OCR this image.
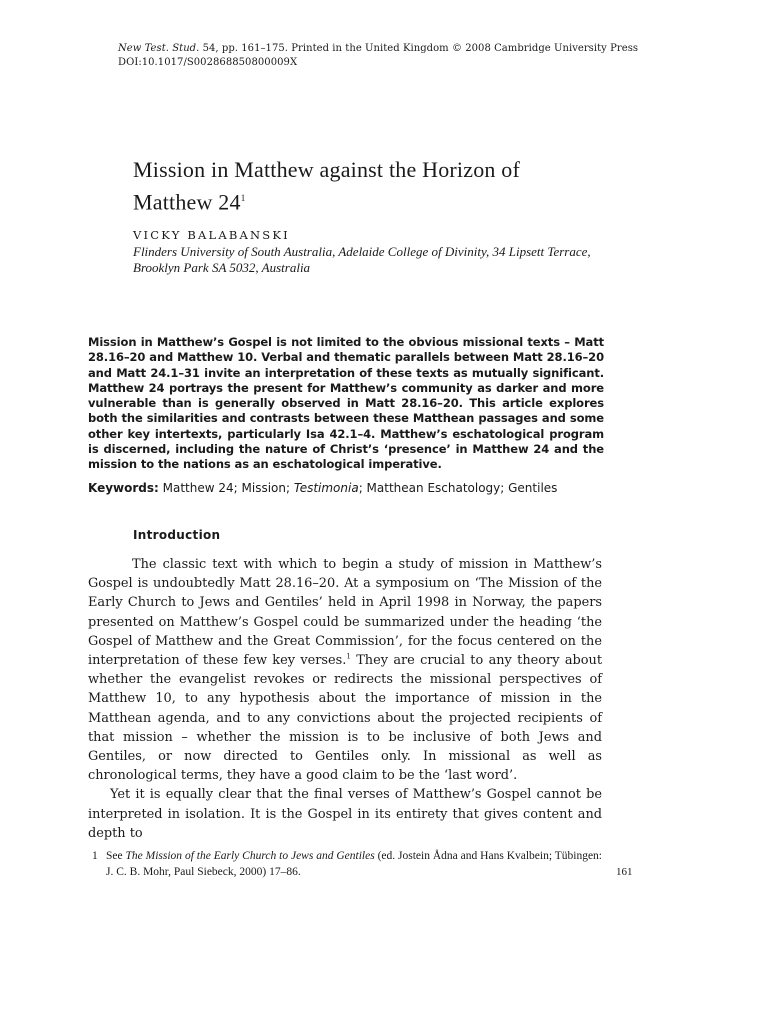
New Test. Stud. 54, pp. 161–175. Printed in the United Kingdom © 2008 Cambridge University Press
DOI:10.1017/S002868850800009X
Mission in Matthew against the Horizon of
Matthew $24^1$
VICKY BALABANSKI
Flinders University of South Australia, Adelaide College of Divinity, 34 Lipsett Terrace, Brooklyn Park SA 5032, Australia
Mission in Matthew’s Gospel is not limited to the obvious missional texts – Matt 28.16–20 and Matthew 10. Verbal and thematic parallels between Matt 28.16–20 and Matt 24.1–31 invite an interpretation of these texts as mutually significant. Matthew 24 portrays the present for Matthew’s community as darker and more vulnerable than is generally observed in Matt 28.16–20. This article explores both the similarities and contrasts between these Matthean passages and some other key intertexts, particularly Isa 42.1–4. Matthew’s eschatological program is discerned, including the nature of Christ’s ‘presence’ in Matthew 24 and the mission to the nations as an eschatological imperative.
Keywords: Matthew 24; Mission; Testimonia; Matthean Eschatology; Gentiles
Introduction

The classic text with which to begin a study of mission in Matthew’s Gospel is undoubtedly Matt 28.16–20. At a symposium on ‘The Mission of the Early Church to Jews and Gentiles’ held in April 1998 in Norway, the papers presented on Matthew’s Gospel could be summarized under the heading ‘the Gospel of Matthew and the Great Commission’, for the focus centered on the interpretation of these few key verses.$^1$ They are crucial to any theory about whether the evangelist revokes or redirects the missional perspectives of Matthew 10, to any hypothesis about the importance of mission in the Matthean agenda, and to any convictions about the projected recipients of that mission – whether the mission is to be inclusive of both Jews and Gentiles, or now directed to Gentiles only. In missional as well as chronological terms, they have a good claim to be the ‘last word’.

Yet it is equally clear that the final verses of Matthew’s Gospel cannot be interpreted in isolation. It is the Gospel in its entirety that gives content and depth to

1 See The Mission of the Early Church to Jews and Gentiles (ed. Jostein Ådna and Hans Kvalbein; Tübingen: J. C. B. Mohr, Paul Siebeck, 2000) 17–86.	161
